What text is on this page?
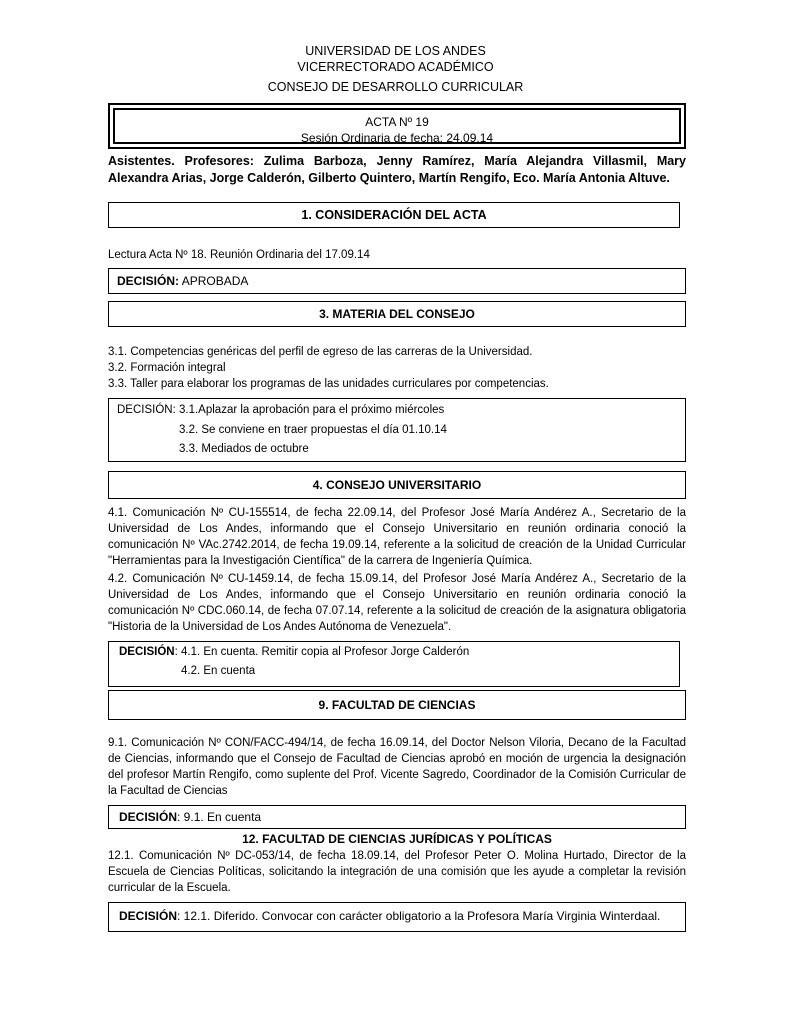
UNIVERSIDAD DE LOS ANDES
VICERRECTORADO ACADÉMICO
CONSEJO DE DESARROLLO CURRICULAR
ACTA Nº 19
Sesión Ordinaria de fecha: 24.09.14
Asistentes. Profesores: Zulima Barboza, Jenny Ramírez, María Alejandra Villasmil, Mary Alexandra Arias, Jorge Calderón, Gilberto Quintero, Martín Rengifo, Eco. María Antonia Altuve.
1. CONSIDERACIÓN DEL ACTA
Lectura Acta Nº 18. Reunión Ordinaria del 17.09.14
DECISIÓN: APROBADA
3. MATERIA DEL CONSEJO
3.1. Competencias genéricas del perfil de egreso de las carreras de la Universidad.
3.2. Formación integral
3.3. Taller para elaborar los programas de las unidades curriculares por competencias.
DECISIÓN: 3.1.Aplazar la aprobación para el próximo miércoles
3.2. Se conviene en traer propuestas el día 01.10.14
3.3. Mediados de octubre
4. CONSEJO UNIVERSITARIO
4.1. Comunicación Nº CU-155514, de fecha 22.09.14, del Profesor José María Andérez A., Secretario de la Universidad de Los Andes, informando que el Consejo Universitario en reunión ordinaria conoció la comunicación Nº VAc.2742.2014, de fecha 19.09.14, referente a la solicitud de creación de la Unidad Curricular "Herramientas para la Investigación Científica" de la carrera de Ingeniería Química.
4.2. Comunicación Nº CU-1459.14, de fecha 15.09.14, del Profesor José María Andérez A., Secretario de la Universidad de Los Andes, informando que el Consejo Universitario en reunión ordinaria conoció la comunicación Nº CDC.060.14, de fecha 07.07.14, referente a la solicitud de creación de la asignatura obligatoria "Historia de la Universidad de Los Andes Autónoma de Venezuela".
DECISIÓN: 4.1. En cuenta. Remitir copia al Profesor Jorge Calderón
4.2. En cuenta
9. FACULTAD DE CIENCIAS
9.1. Comunicación Nº CON/FACC-494/14, de fecha 16.09.14, del Doctor Nelson Viloria, Decano de la Facultad de Ciencias, informando que el Consejo de Facultad de Ciencias aprobó en moción de urgencia la designación del profesor Martín Rengifo, como suplente del Prof. Vicente Sagredo, Coordinador de la Comisión Curricular de la Facultad de Ciencias
DECISIÓN: 9.1. En cuenta
12. FACULTAD DE CIENCIAS JURÍDICAS Y POLÍTICAS
12.1. Comunicación Nº DC-053/14, de fecha 18.09.14, del Profesor Peter O. Molina Hurtado, Director de la Escuela de Ciencias Políticas, solicitando la integración de una comisión que les ayude a completar la revisión curricular de la Escuela.
DECISIÓN: 12.1. Diferido. Convocar con carácter obligatorio a la Profesora María Virginia Winterdaal.
